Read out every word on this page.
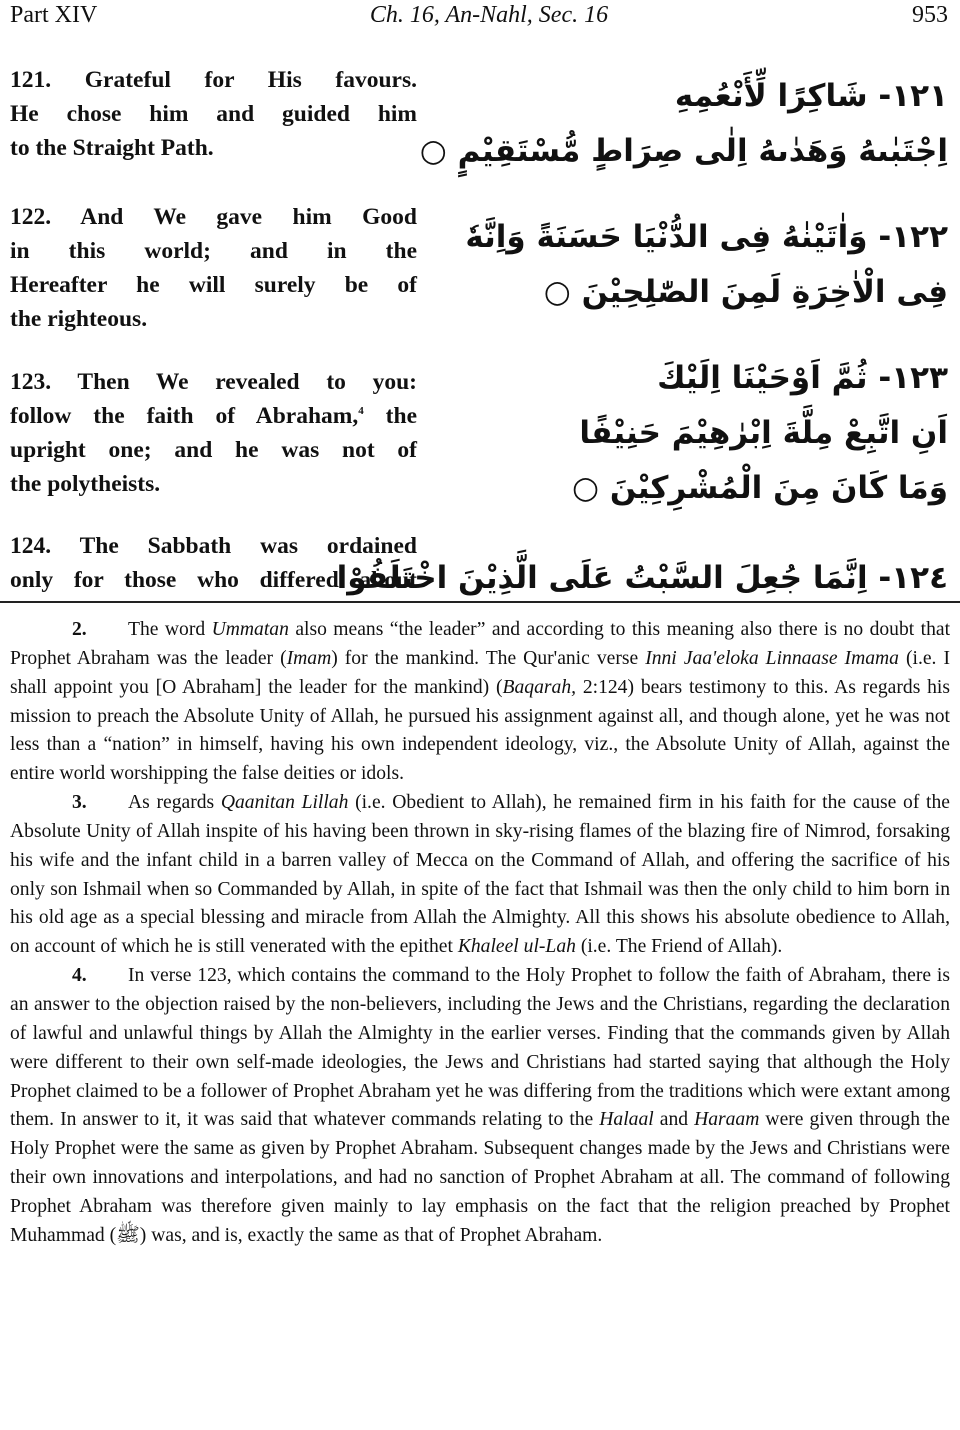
Part XIV	Ch. 16, An-Nahl, Sec. 16	953
121. Grateful for His favours.
He chose him and guided him
to the Straight Path.
١٢١- شَاكِرًا لِّأَنْعُمِهِ
اِجْتَبٰىهُ وَهَدٰىهُ اِلٰى صِرَاطٍ مُّسْتَقِيْمٍ ○
122. And We gave him Good
in this world; and in the
Hereafter he will surely be of
the righteous.
١٢٢- وَاٰتَيْنٰهُ فِى الدُّنْيَا حَسَنَةً وَاِنَّهٗ
فِى الْاٰخِرَةِ لَمِنَ الصّٰلِحِيْنَ ○
123. Then We revealed to you:
follow the faith of Abraham,$^4$ the
upright one; and he was not of
the polytheists.
١٢٣- ثُمَّ اَوْحَيْنَا اِلَيْكَ
اَنِ اتَّبِعْ مِلَّةَ اِبْرٰهِيْمَ حَنِيْفًا
وَمَا كَانَ مِنَ الْمُشْرِكِيْنَ ○
124. The Sabbath was ordained
only for those who differed about
١٢٤- اِنَّمَا جُعِلَ السَّبْتُ عَلَى الَّذِيْنَ اخْتَلَفُوْا

2. The word Ummatan also means “the leader” and according to this meaning also there is no doubt that Prophet Abraham was the leader (Imam) for the mankind. The Qur'anic verse Inni Jaa'eloka Linnaase Imama (i.e. I shall appoint you [O Abraham] the leader for the mankind) (Baqarah, 2:124) bears testimony to this. As regards his mission to preach the Absolute Unity of Allah, he pursued his assignment against all, and though alone, yet he was not less than a “nation” in himself, having his own independent ideology, viz., the Absolute Unity of Allah, against the entire world worshipping the false deities or idols.

3. As regards Qaanitan Lillah (i.e. Obedient to Allah), he remained firm in his faith for the cause of the Absolute Unity of Allah inspite of his having been thrown in sky-rising flames of the blazing fire of Nimrod, forsaking his wife and the infant child in a barren valley of Mecca on the Command of Allah, and offering the sacrifice of his only son Ishmail when so Commanded by Allah, in spite of the fact that Ishmail was then the only child to him born in his old age as a special blessing and miracle from Allah the Almighty. All this shows his absolute obedience to Allah, on account of which he is still venerated with the epithet Khaleel ul-Lah (i.e. The Friend of Allah).

4. In verse 123, which contains the command to the Holy Prophet to follow the faith of Abraham, there is an answer to the objection raised by the non-believers, including the Jews and the Christians, regarding the declaration of lawful and unlawful things by Allah the Almighty in the earlier verses. Finding that the commands given by Allah were different to their own self-made ideologies, the Jews and Christians had started saying that although the Holy Prophet claimed to be a follower of Prophet Abraham yet he was differing from the traditions which were extant among them. In answer to it, it was said that whatever commands relating to the Halaal and Haraam were given through the Holy Prophet were the same as given by Prophet Abraham. Subsequent changes made by the Jews and Christians were their own innovations and interpolations, and had no sanction of Prophet Abraham at all. The command of following Prophet Abraham was therefore given mainly to lay emphasis on the fact that the religion preached by Prophet Muhammad (ﷺ) was, and is, exactly the same as that of Prophet Abraham.
